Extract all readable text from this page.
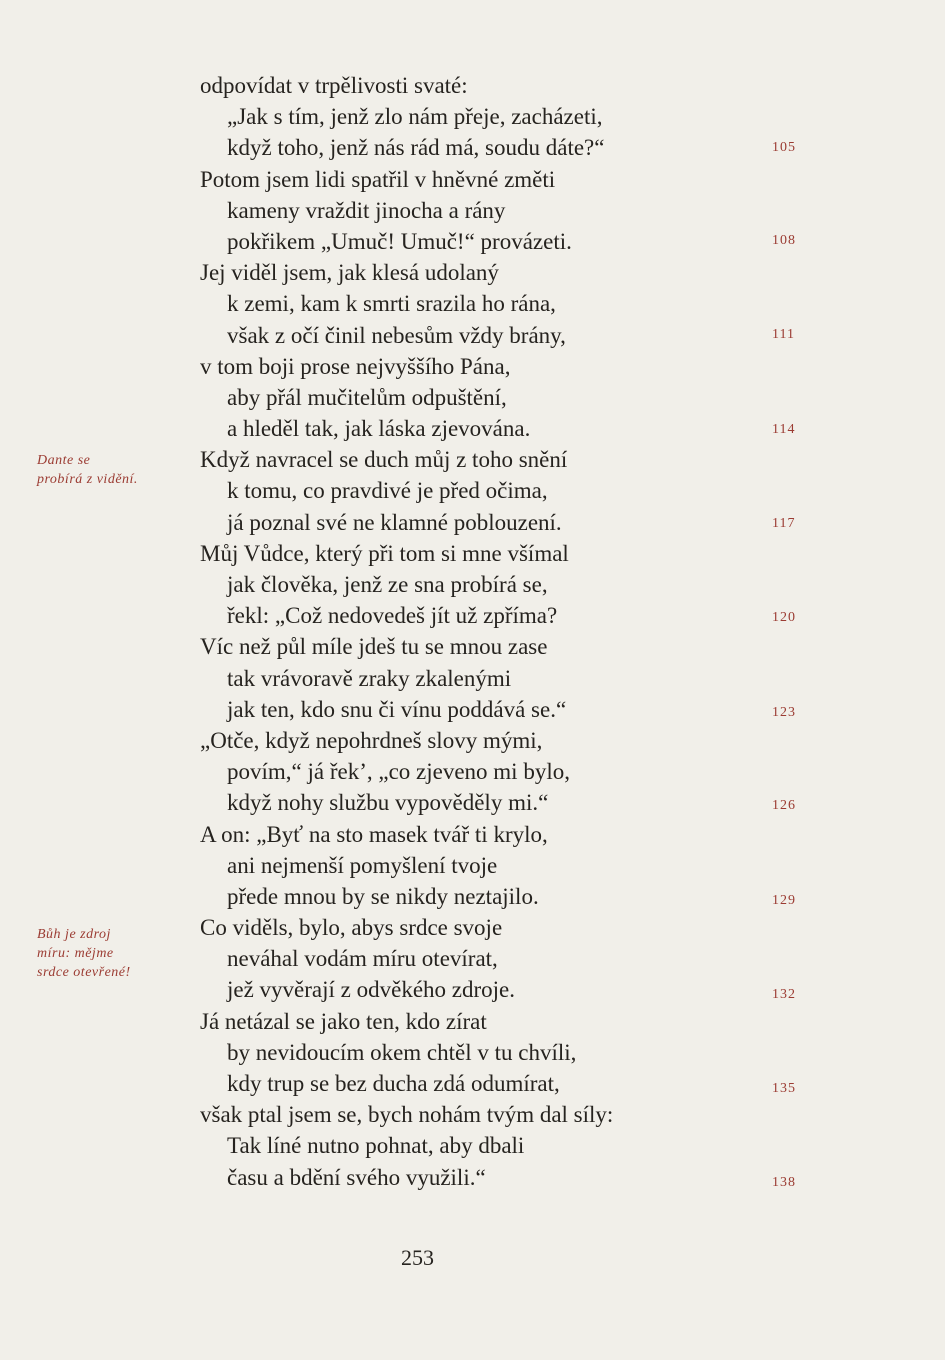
odpovídat v trpělivosti svaté:
„Jak s tím, jenž zlo nám přeje, zacházeti,
když toho, jenž nás rád má, soudu dáte?“
Potom jsem lidi spatřil v hněvné změti
kameny vraždit jinocha a rány
pokřikem „Umuč! Umuč!“ provázeti.
Jej viděl jsem, jak klesá udolaný
k zemi, kam k smrti srazila ho rána,
však z očí činil nebesům vždy brány,
v tom boji prose nejvyššího Pána,
aby přál mučitelům odpuštění,
a hleděl tak, jak láska zjevována.
Když navracel se duch můj z toho snění
k tomu, co pravdivé je před očima,
já poznal své ne klamné poblouzení.
Můj Vůdce, který při tom si mne všímal
jak člověka, jenž ze sna probírá se,
řekl: „Což nedovedeš jít už zpříma?
Víc než půl míle jdeš tu se mnou zase
tak vrávoravě zraky zkalenými
jak ten, kdo snu či vínu poddává se.“
„Otče, když nepohrdneš slovy mými,
povím,“ já řek’, „co zjeveno mi bylo,
když nohy službu vypověděly mi.“
A on: „Byť na sto masek tvář ti krylo,
ani nejmenší pomyšlení tvoje
přede mnou by se nikdy neztajilo.
Co viděls, bylo, abys srdce svoje
neváhal vodám míru otevírat,
jež vyvěrají z odvěkého zdroje.
Já netázal se jako ten, kdo zírat
by nevidoucím okem chtěl v tu chvíli,
kdy trup se bez ducha zdá odumírat,
však ptal jsem se, bych nohám tvým dal síly:
Tak líné nutno pohnat, aby dbali
času a bdění svého využili.“
105
108
111
114
117
120
123
126
129
132
135
138
Dante se
probírá z vidění.
Bůh je zdroj
míru: mějme
srdce otevřené!
253
